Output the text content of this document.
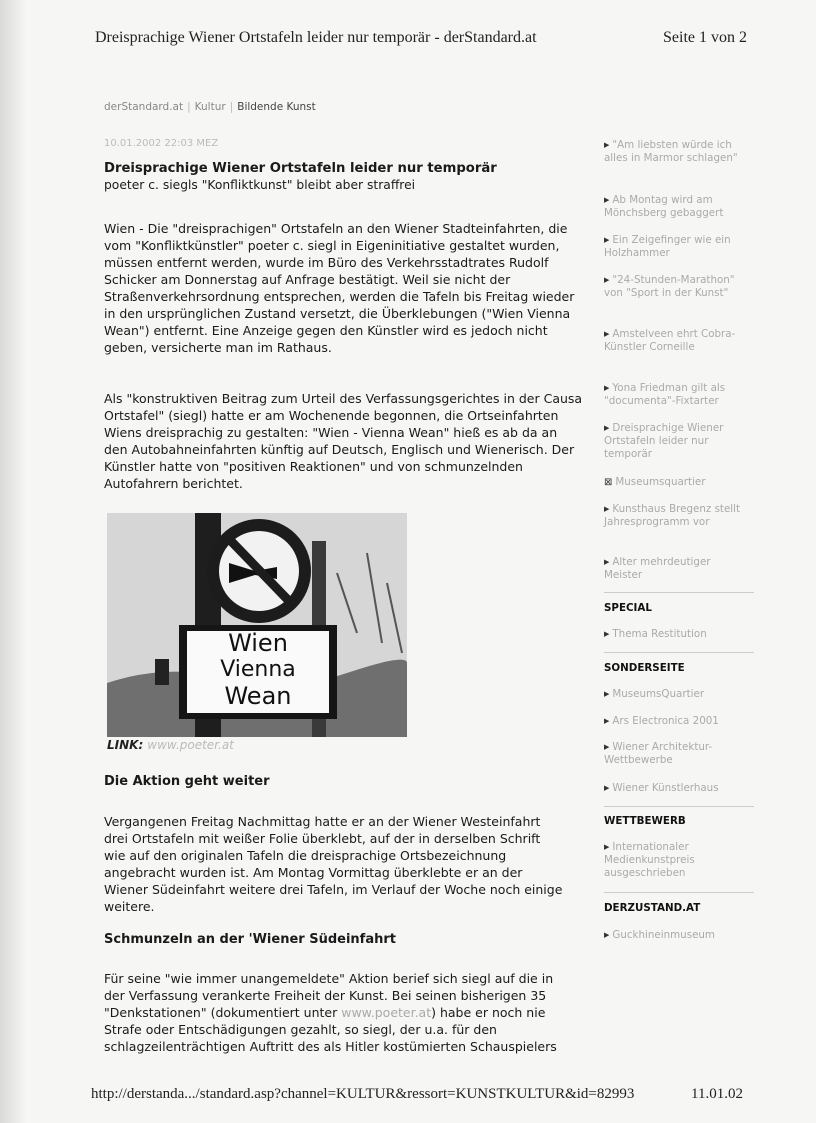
Dreisprachige Wiener Ortstafeln leider nur temporär - derStandard.at	Seite 1 von 2
derStandard.at | Kultur | Bildende Kunst
10.01.2002 22:03 MEZ
Dreisprachige Wiener Ortstafeln leider nur temporär
poeter c. siegls "Konfliktkunst" bleibt aber straffrei
Wien - Die "dreisprachigen" Ortstafeln an den Wiener Stadteinfahrten, die vom "Konfliktkünstler" poeter c. siegl in Eigeninitiative gestaltet wurden, müssen entfernt werden, wurde im Büro des Verkehrsstadtrates Rudolf Schicker am Donnerstag auf Anfrage bestätigt. Weil sie nicht der Straßenverkehrsordnung entsprechen, werden die Tafeln bis Freitag wieder in den ursprünglichen Zustand versetzt, die Überklebungen ("Wien Vienna Wean") entfernt. Eine Anzeige gegen den Künstler wird es jedoch nicht geben, versicherte man im Rathaus.
Als "konstruktiven Beitrag zum Urteil des Verfassungsgerichtes in der Causa Ortstafel" (siegl) hatte er am Wochenende begonnen, die Ortseinfahrten Wiens dreisprachig zu gestalten: "Wien - Vienna Wean" hieß es ab da an den Autobahneinfahrten künftig auf Deutsch, Englisch und Wienerisch. Der Künstler hatte von "positiven Reaktionen" und von schmunzelnden Autofahrern berichtet.
Wien
Vienna
Wean
LINK: www.poeter.at
Die Aktion geht weiter
Vergangenen Freitag Nachmittag hatte er an der Wiener Westeinfahrt drei Ortstafeln mit weißer Folie überklebt, auf der in derselben Schrift wie auf den originalen Tafeln die dreisprachige Ortsbezeichnung angebracht wurden ist. Am Montag Vormittag überklebte er an der Wiener Südeinfahrt weitere drei Tafeln, im Verlauf der Woche noch einige weitere.
Schmunzeln an der 'Wiener Südeinfahrt
Für seine "wie immer unangemeldete" Aktion berief sich siegl auf die in der Verfassung verankerte Freiheit der Kunst. Bei seinen bisherigen 35 "Denkstationen" (dokumentiert unter www.poeter.at) habe er noch nie Strafe oder Entschädigungen gezahlt, so siegl, der u.a. für den schlagzeilenträchtigen Auftritt des als Hitler kostümierten Schauspielers
▶ "Am liebsten würde ich alles in Marmor schlagen"
▶ Ab Montag wird am Mönchsberg gebaggert
▶ Ein Zeigefinger wie ein Holzhammer
▶ "24-Stunden-Marathon" von "Sport in der Kunst"
▶ Amstelveen ehrt Cobra-Künstler Corneille
▶ Yona Friedman gilt als "documenta"-Fixtarter
▶ Dreisprachige Wiener Ortstafeln leider nur temporär
⊠ Museumsquartier
▶ Kunsthaus Bregenz stellt Jahresprogramm vor
▶ Alter mehrdeutiger Meister
SPECIAL
▶ Thema Restitution
SONDERSEITE
▶ MuseumsQuartier
▶ Ars Electronica 2001
▶ Wiener Architektur-Wettbewerbe
▶ Wiener Künstlerhaus
WETTBEWERB
▶ Internationaler Medienkunstpreis ausgeschrieben
DERZUSTAND.AT
▶ Guckhineinmuseum
http://derstanda.../standard.asp?channel=KULTUR&ressort=KUNSTKULTUR&id=82993	11.01.02
